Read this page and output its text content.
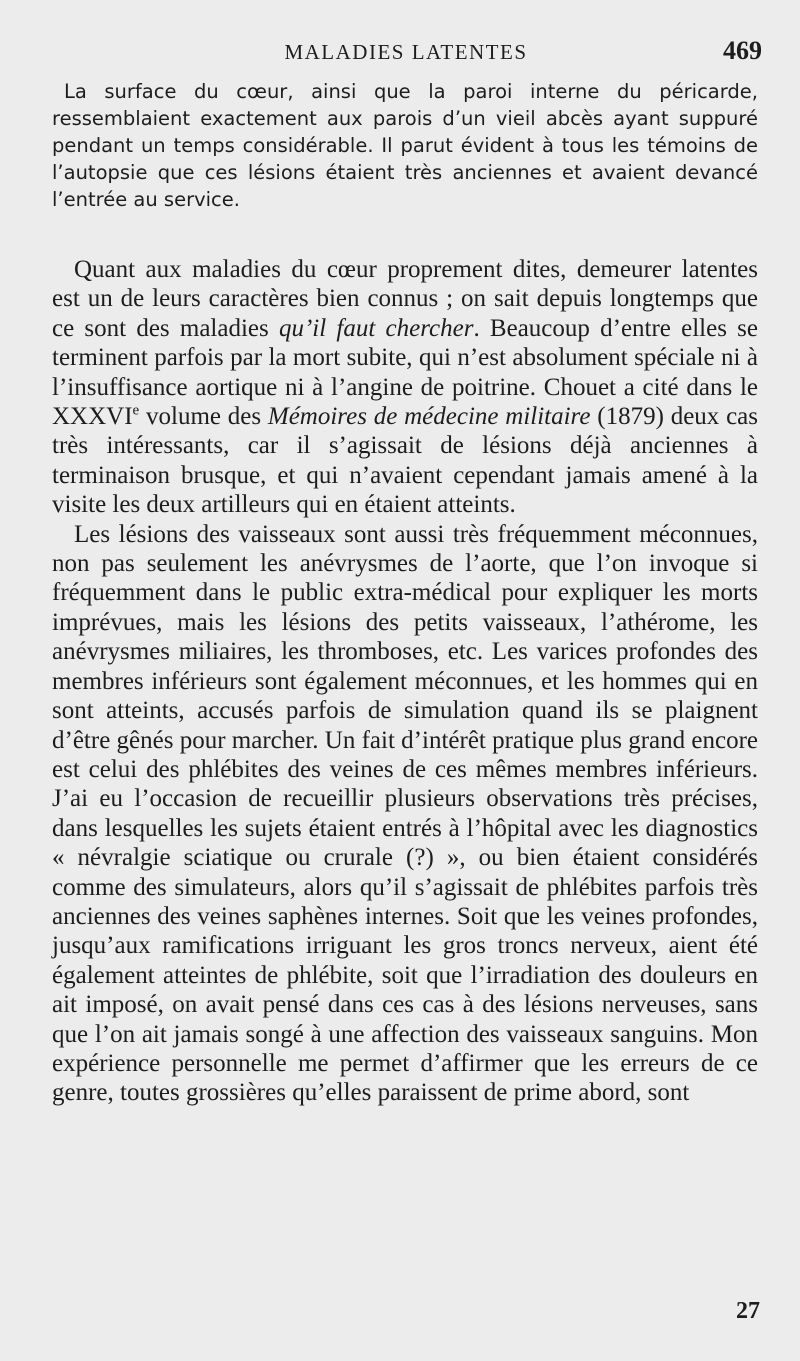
MALADIES LATENTES	469

La surface du cœur, ainsi que la paroi interne du péricarde, ressemblaient exactement aux parois d’un vieil abcès ayant suppuré pendant un temps considérable. Il parut évident à tous les témoins de l’autopsie que ces lésions étaient très anciennes et avaient devancé l’entrée au service.

Quant aux maladies du cœur proprement dites, demeurer latentes est un de leurs caractères bien connus ; on sait depuis longtemps que ce sont des maladies qu’il faut chercher. Beaucoup d’entre elles se terminent parfois par la mort subite, qui n’est absolument spéciale ni à l’insuffisance aortique ni à l’angine de poitrine. Chouet a cité dans le XXXVIe volume des Mémoires de médecine militaire (1879) deux cas très intéressants, car il s’agissait de lésions déjà anciennes à terminaison brusque, et qui n’avaient cependant jamais amené à la visite les deux artilleurs qui en étaient atteints.

Les lésions des vaisseaux sont aussi très fréquemment méconnues, non pas seulement les anévrysmes de l’aorte, que l’on invoque si fréquemment dans le public extra-médical pour expliquer les morts imprévues, mais les lésions des petits vaisseaux, l’athérome, les anévrysmes miliaires, les thromboses, etc. Les varices profondes des membres inférieurs sont également méconnues, et les hommes qui en sont atteints, accusés parfois de simulation quand ils se plaignent d’être gênés pour marcher. Un fait d’intérêt pratique plus grand encore est celui des phlébites des veines de ces mêmes membres inférieurs. J’ai eu l’occasion de recueillir plusieurs observations très précises, dans lesquelles les sujets étaient entrés à l’hôpital avec les diagnostics « névralgie sciatique ou crurale (?) », ou bien étaient considérés comme des simulateurs, alors qu’il s’agissait de phlébites parfois très anciennes des veines saphènes internes. Soit que les veines profondes, jusqu’aux ramifications irriguant les gros troncs nerveux, aient été également atteintes de phlébite, soit que l’irradiation des douleurs en ait imposé, on avait pensé dans ces cas à des lésions nerveuses, sans que l’on ait jamais songé à une affection des vaisseaux sanguins. Mon expérience personnelle me permet d’affirmer que les erreurs de ce genre, toutes grossières qu’elles paraissent de prime abord, sont

27
